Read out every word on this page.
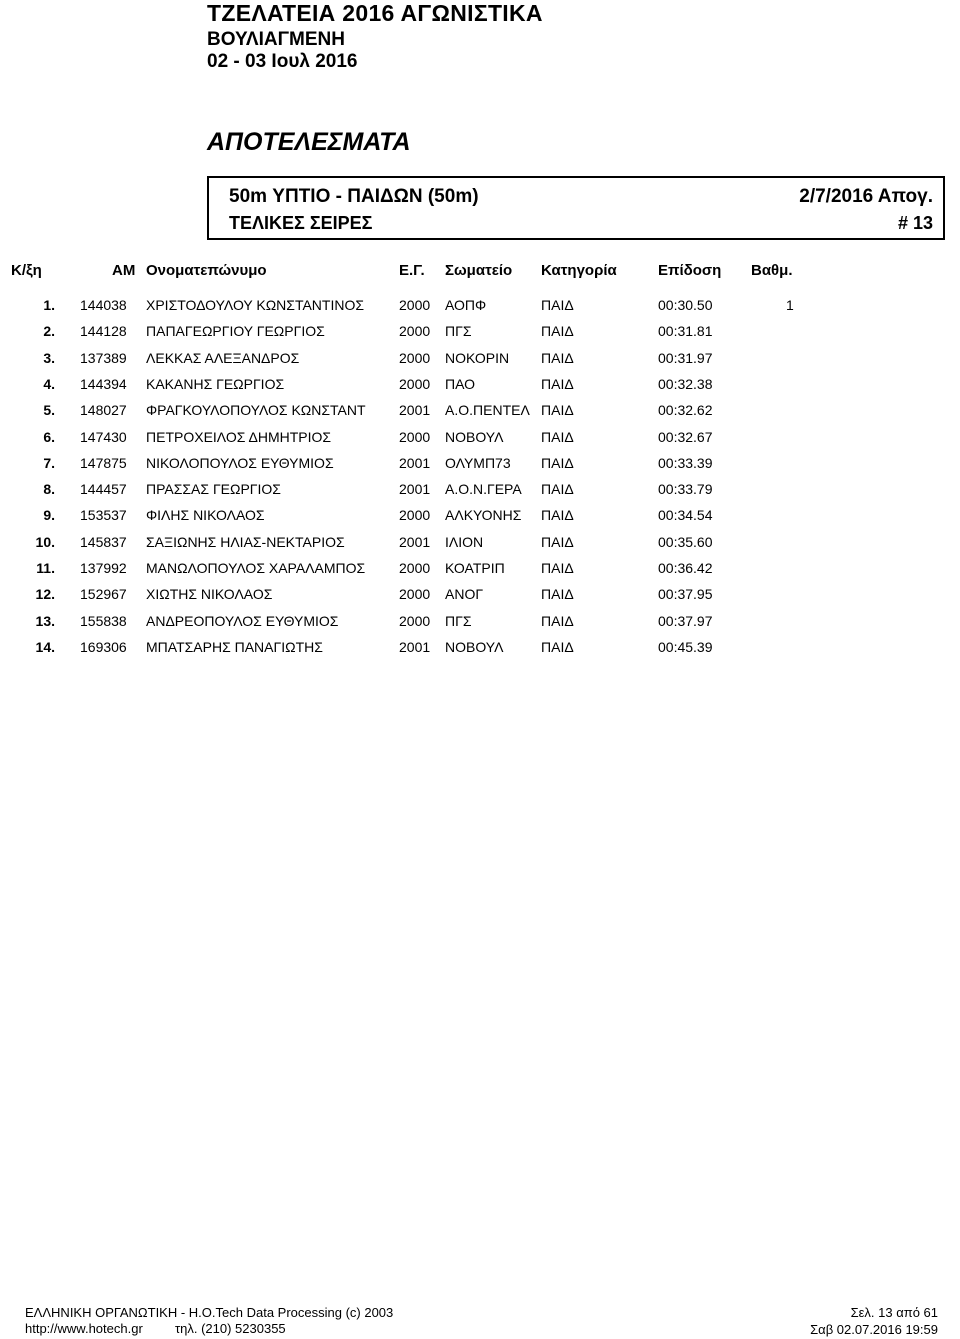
ΤΖΕΛΑΤΕΙΑ 2016 ΑΓΩΝΙΣΤΙΚΑ
ΒΟΥΛΙΑΓΜΕΝΗ
02 - 03 Ιουλ 2016
ΑΠΟΤΕΛΕΣΜΑΤΑ
50m ΥΠΤΙΟ - ΠΑΙΔΩΝ (50m)	2/7/2016 Απογ.
ΤΕΛΙΚΕΣ ΣΕΙΡΕΣ	# 13
Κ/ξη	ΑΜ Ονοματεπώνυμο	Ε.Γ. Σωματείο Κατηγορία	Επίδοση Βαθμ.
1. 144038 ΧΡΙΣΤΟΔΟΥΛΟΥ ΚΩΝΣΤΑΝΤΙΝΟΣ 2000 ΑΟΠΦ	ΠΑΙΔ	00:30.50	1
2. 144128 ΠΑΠΑΓΕΩΡΓΙΟΥ ΓΕΩΡΓΙΟΣ	2000 ΠΓΣ	ΠΑΙΔ	00:31.81
3. 137389 ΛΕΚΚΑΣ ΑΛΕΞΑΝΔΡΟΣ	2000 ΝΟΚΟΡΙΝ ΠΑΙΔ	00:31.97
4. 144394 ΚΑΚΑΝΗΣ ΓΕΩΡΓΙΟΣ	2000 ΠΑΟ	ΠΑΙΔ	00:32.38
5. 148027 ΦΡΑΓΚΟΥΛΟΠΟΥΛΟΣ ΚΩΝΣΤΑΝΤ 2001 Α.Ο.ΠΕΝΤΕΛ ΠΑΙΔ	00:32.62
6. 147430 ΠΕΤΡΟΧΕΙΛΟΣ ΔΗΜΗΤΡΙΟΣ	2000 ΝΟΒΟΥΛ	ΠΑΙΔ	00:32.67
7. 147875 ΝΙΚΟΛΟΠΟΥΛΟΣ ΕΥΘΥΜΙΟΣ	2001 ΟΛΥΜΠ73 ΠΑΙΔ	00:33.39
8. 144457 ΠΡΑΣΣΑΣ ΓΕΩΡΓΙΟΣ	2001 Α.Ο.Ν.ΓΕΡΑ ΠΑΙΔ	00:33.79
9. 153537 ΦΙΛΗΣ ΝΙΚΟΛΑΟΣ	2000 ΑΛΚΥΟΝΗΣ ΠΑΙΔ	00:34.54
10. 145837 ΣΑΞΙΩΝΗΣ ΗΛΙΑΣ-ΝΕΚΤΑΡΙΟΣ	2001 ΙΛΙΟΝ	ΠΑΙΔ	00:35.60
11. 137992 ΜΑΝΩΛΟΠΟΥΛΟΣ ΧΑΡΑΛΑΜΠΟΣ 2000 ΚΟΑΤΡΙΠ	ΠΑΙΔ	00:36.42
12. 152967 ΧΙΩΤΗΣ ΝΙΚΟΛΑΟΣ	2000 ΑΝΟΓ	ΠΑΙΔ	00:37.95
13. 155838 ΑΝΔΡΕΟΠΟΥΛΟΣ ΕΥΘΥΜΙΟΣ	2000 ΠΓΣ	ΠΑΙΔ	00:37.97
14. 169306 ΜΠΑΤΣΑΡΗΣ ΠΑΝΑΓΙΩΤΗΣ	2001 ΝΟΒΟΥΛ	ΠΑΙΔ	00:45.39
ΕΛΛΗΝΙΚΗ ΟΡΓΑΝΩΤΙΚΗ - Η.Ο.Tech Data Processing (c) 2003
http://www.hotech.gr τηλ. (210) 5230355
Σελ. 13 από 61
Σαβ 02.07.2016 19:59
